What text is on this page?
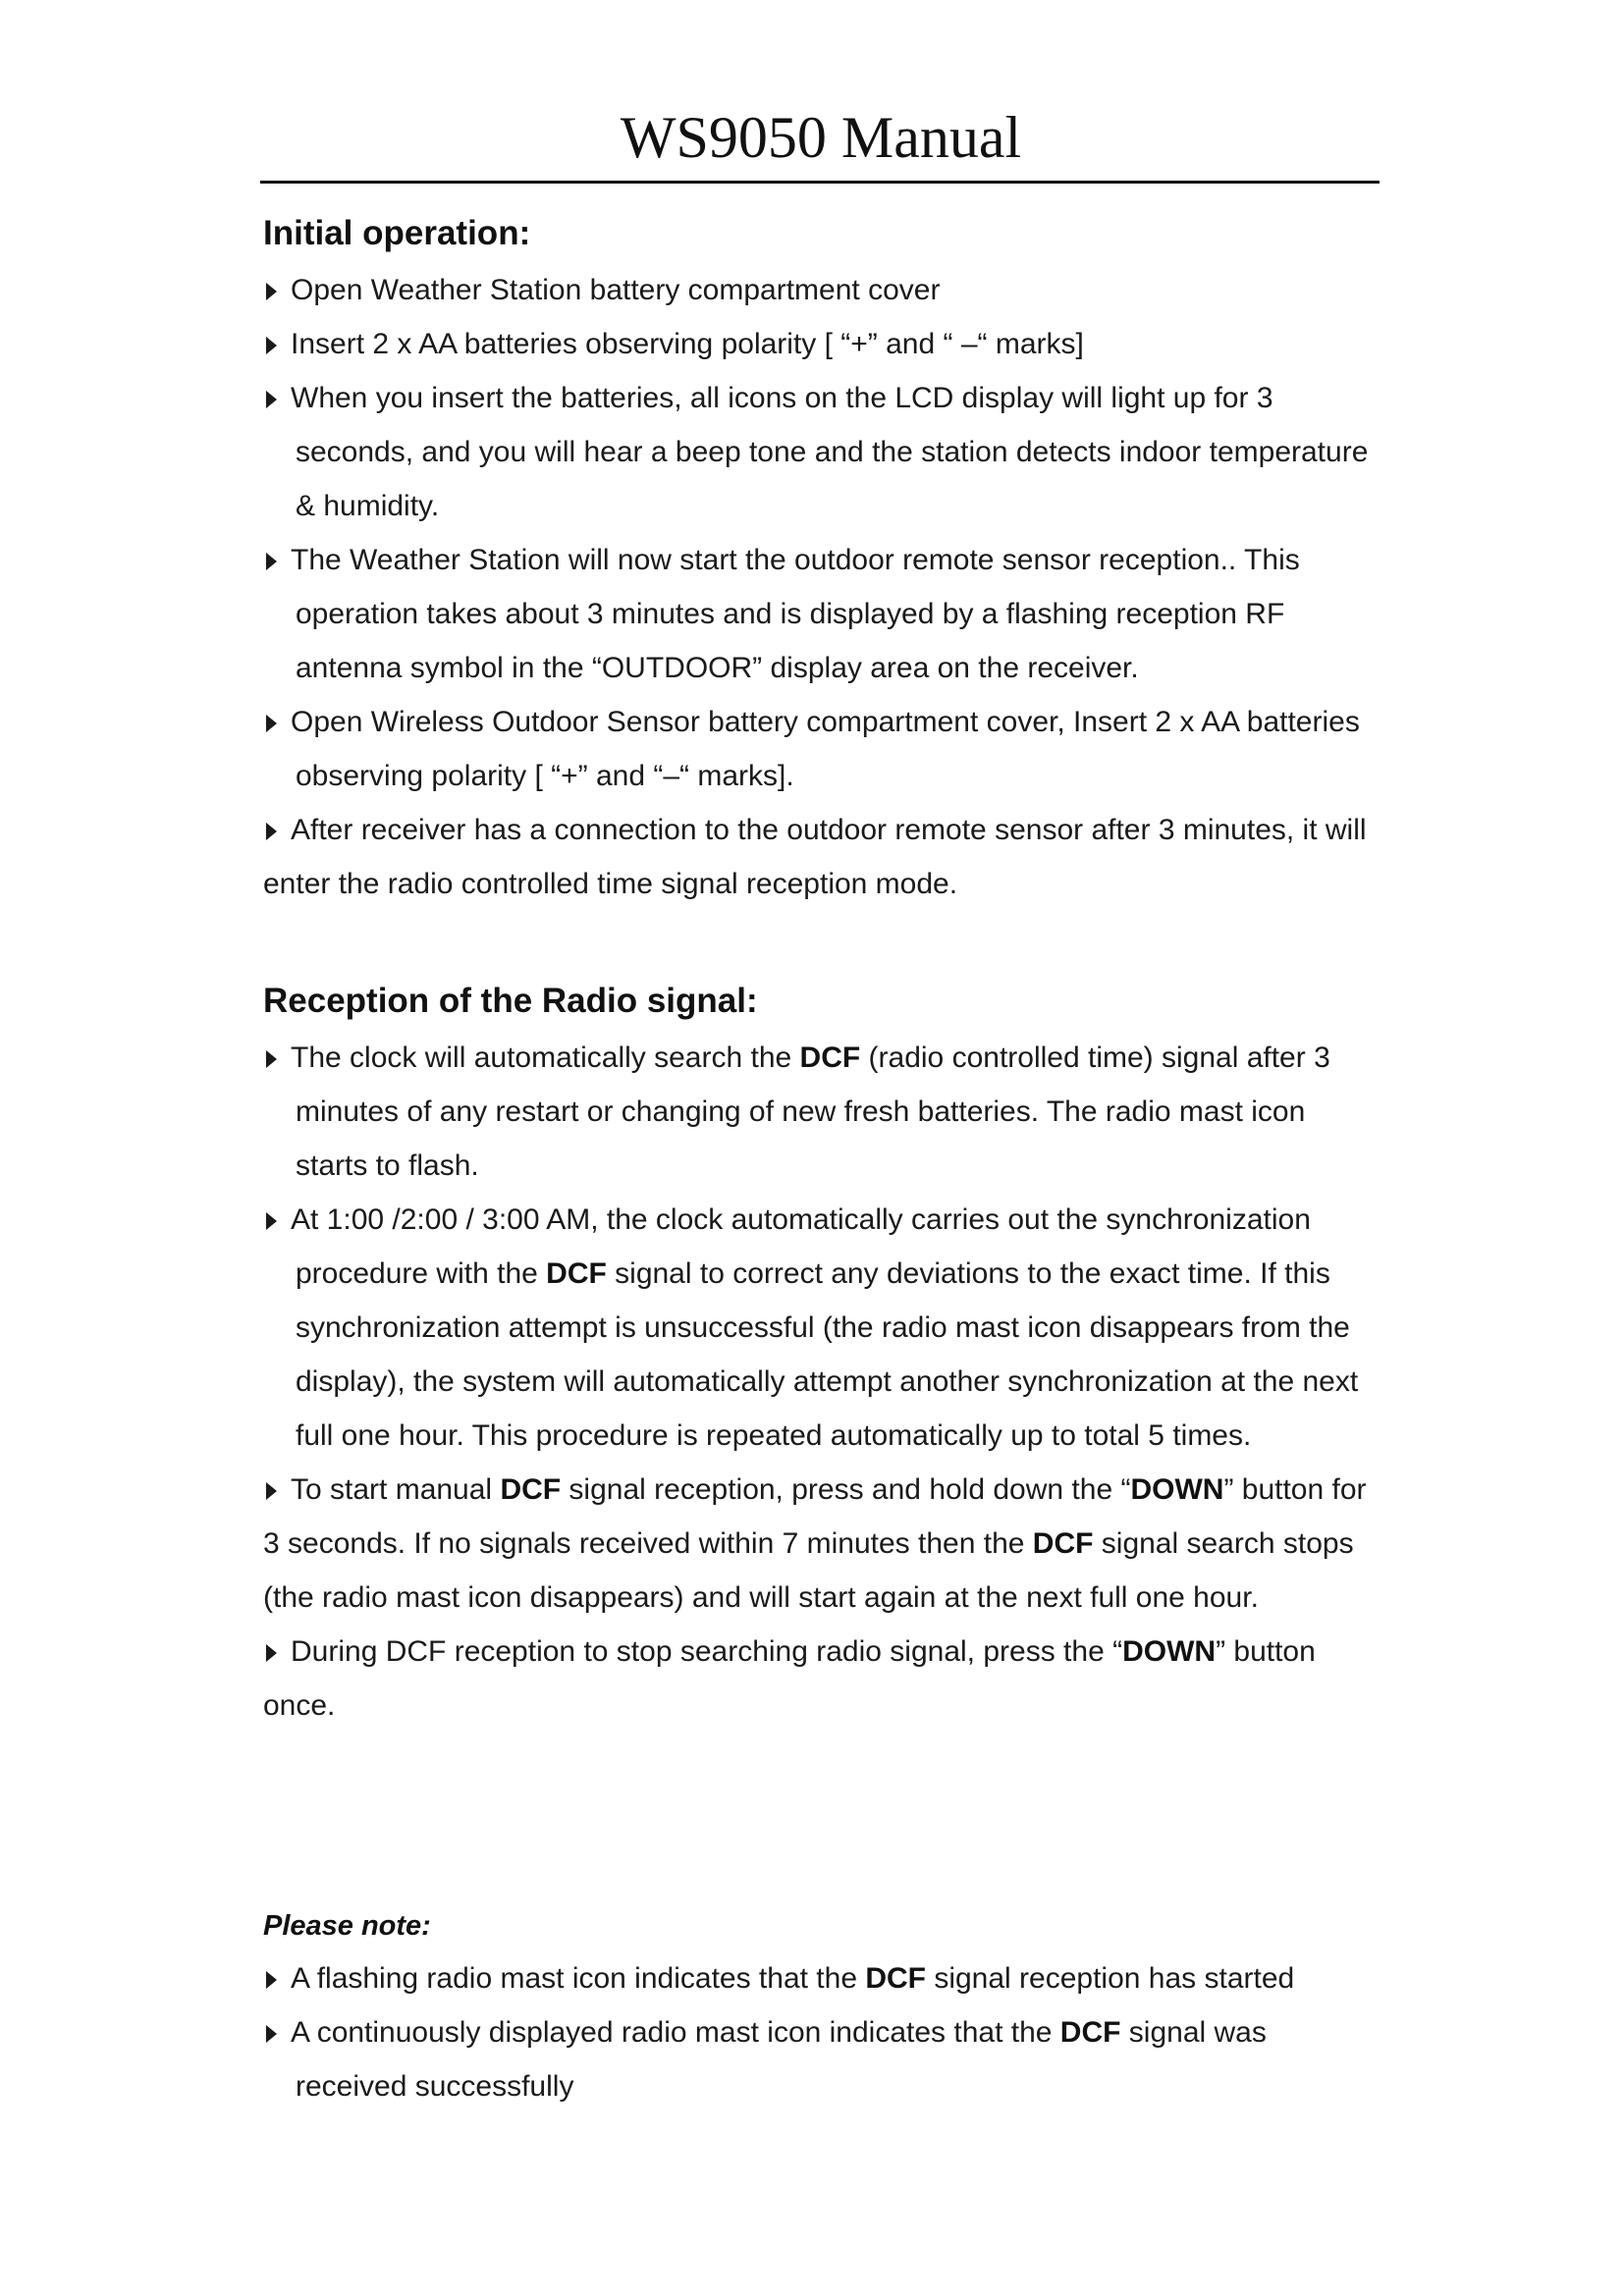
WS9050 Manual
Initial operation:

Open Weather Station battery compartment cover

Insert 2 x AA batteries observing polarity [ “+” and “ –“ marks]

When you insert the batteries, all icons on the LCD display will light up for 3 seconds, and you will hear a beep tone and the station detects indoor temperature & humidity.

The Weather Station will now start the outdoor remote sensor reception.. This operation takes about 3 minutes and is displayed by a flashing reception RF antenna symbol in the “OUTDOOR” display area on the receiver.

Open Wireless Outdoor Sensor battery compartment cover, Insert 2 x AA batteries observing polarity [ “+” and “–“ marks].

After receiver has a connection to the outdoor remote sensor after 3 minutes, it will enter the radio controlled time signal reception mode.

Reception of the Radio signal:

The clock will automatically search the DCF (radio controlled time) signal after 3 minutes of any restart or changing of new fresh batteries. The radio mast icon starts to flash.

At 1:00 /2:00 / 3:00 AM, the clock automatically carries out the synchronization procedure with the DCF signal to correct any deviations to the exact time. If this synchronization attempt is unsuccessful (the radio mast icon disappears from the display), the system will automatically attempt another synchronization at the next full one hour. This procedure is repeated automatically up to total 5 times.

To start manual DCF signal reception, press and hold down the “DOWN” button for 3 seconds. If no signals received within 7 minutes then the DCF signal search stops (the radio mast icon disappears) and will start again at the next full one hour.

During DCF reception to stop searching radio signal, press the “DOWN” button once.

Please note:

A flashing radio mast icon indicates that the DCF signal reception has started

A continuously displayed radio mast icon indicates that the DCF signal was received successfully
